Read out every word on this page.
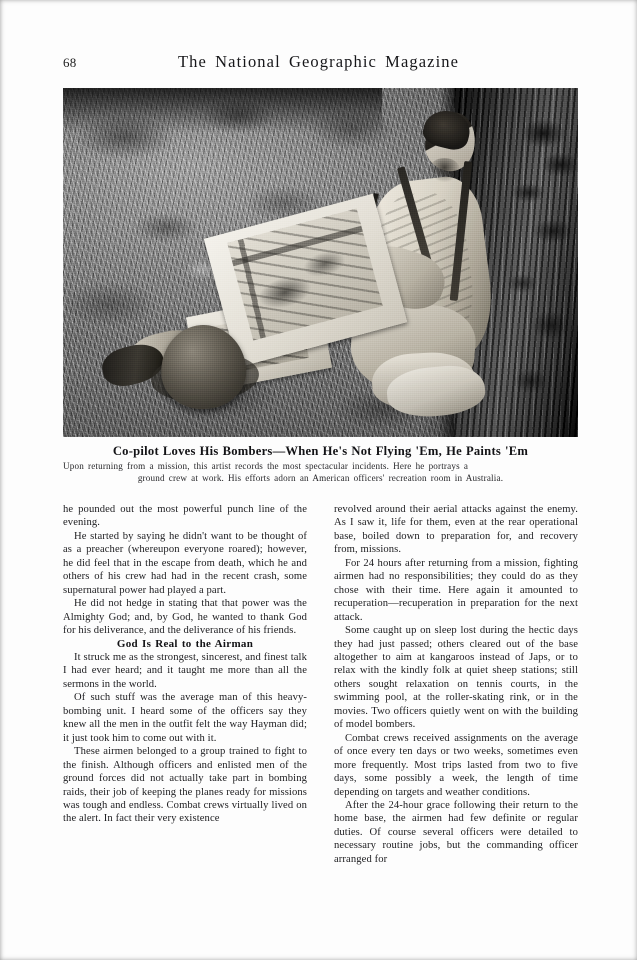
68	The National Geographic Magazine
Co-pilot Loves His Bombers—When He's Not Flying 'Em, He Paints 'Em
Upon returning from a mission, this artist records the most spectacular incidents. Here he portrays a
ground crew at work. His efforts adorn an American officers' recreation room in Australia.

he pounded out the most powerful punch line of the evening.

He started by saying he didn't want to be thought of as a preacher (whereupon everyone roared); however, he did feel that in the escape from death, which he and others of his crew had had in the recent crash, some supernatural power had played a part.

He did not hedge in stating that that power was the Almighty God; and, by God, he wanted to thank God for his deliverance, and the deliverance of his friends.

God Is Real to the Airman

It struck me as the strongest, sincerest, and finest talk I had ever heard; and it taught me more than all the sermons in the world.

Of such stuff was the average man of this heavy-bombing unit. I heard some of the officers say they knew all the men in the outfit felt the way Hayman did; it just took him to come out with it.

These airmen belonged to a group trained to fight to the finish. Although officers and enlisted men of the ground forces did not actually take part in bombing raids, their job of keeping the planes ready for missions was tough and endless. Combat crews virtually lived on the alert. In fact their very existence

revolved around their aerial attacks against the enemy. As I saw it, life for them, even at the rear operational base, boiled down to preparation for, and recovery from, missions.

For 24 hours after returning from a mission, fighting airmen had no responsibilities; they could do as they chose with their time. Here again it amounted to recuperation—recuperation in preparation for the next attack.

Some caught up on sleep lost during the hectic days they had just passed; others cleared out of the base altogether to aim at kangaroos instead of Japs, or to relax with the kindly folk at quiet sheep stations; still others sought relaxation on tennis courts, in the swimming pool, at the roller-skating rink, or in the movies. Two officers quietly went on with the building of model bombers.

Combat crews received assignments on the average of once every ten days or two weeks, sometimes even more frequently. Most trips lasted from two to five days, some possibly a week, the length of time depending on targets and weather conditions.

After the 24-hour grace following their return to the home base, the airmen had few definite or regular duties. Of course several officers were detailed to necessary routine jobs, but the commanding officer arranged for
